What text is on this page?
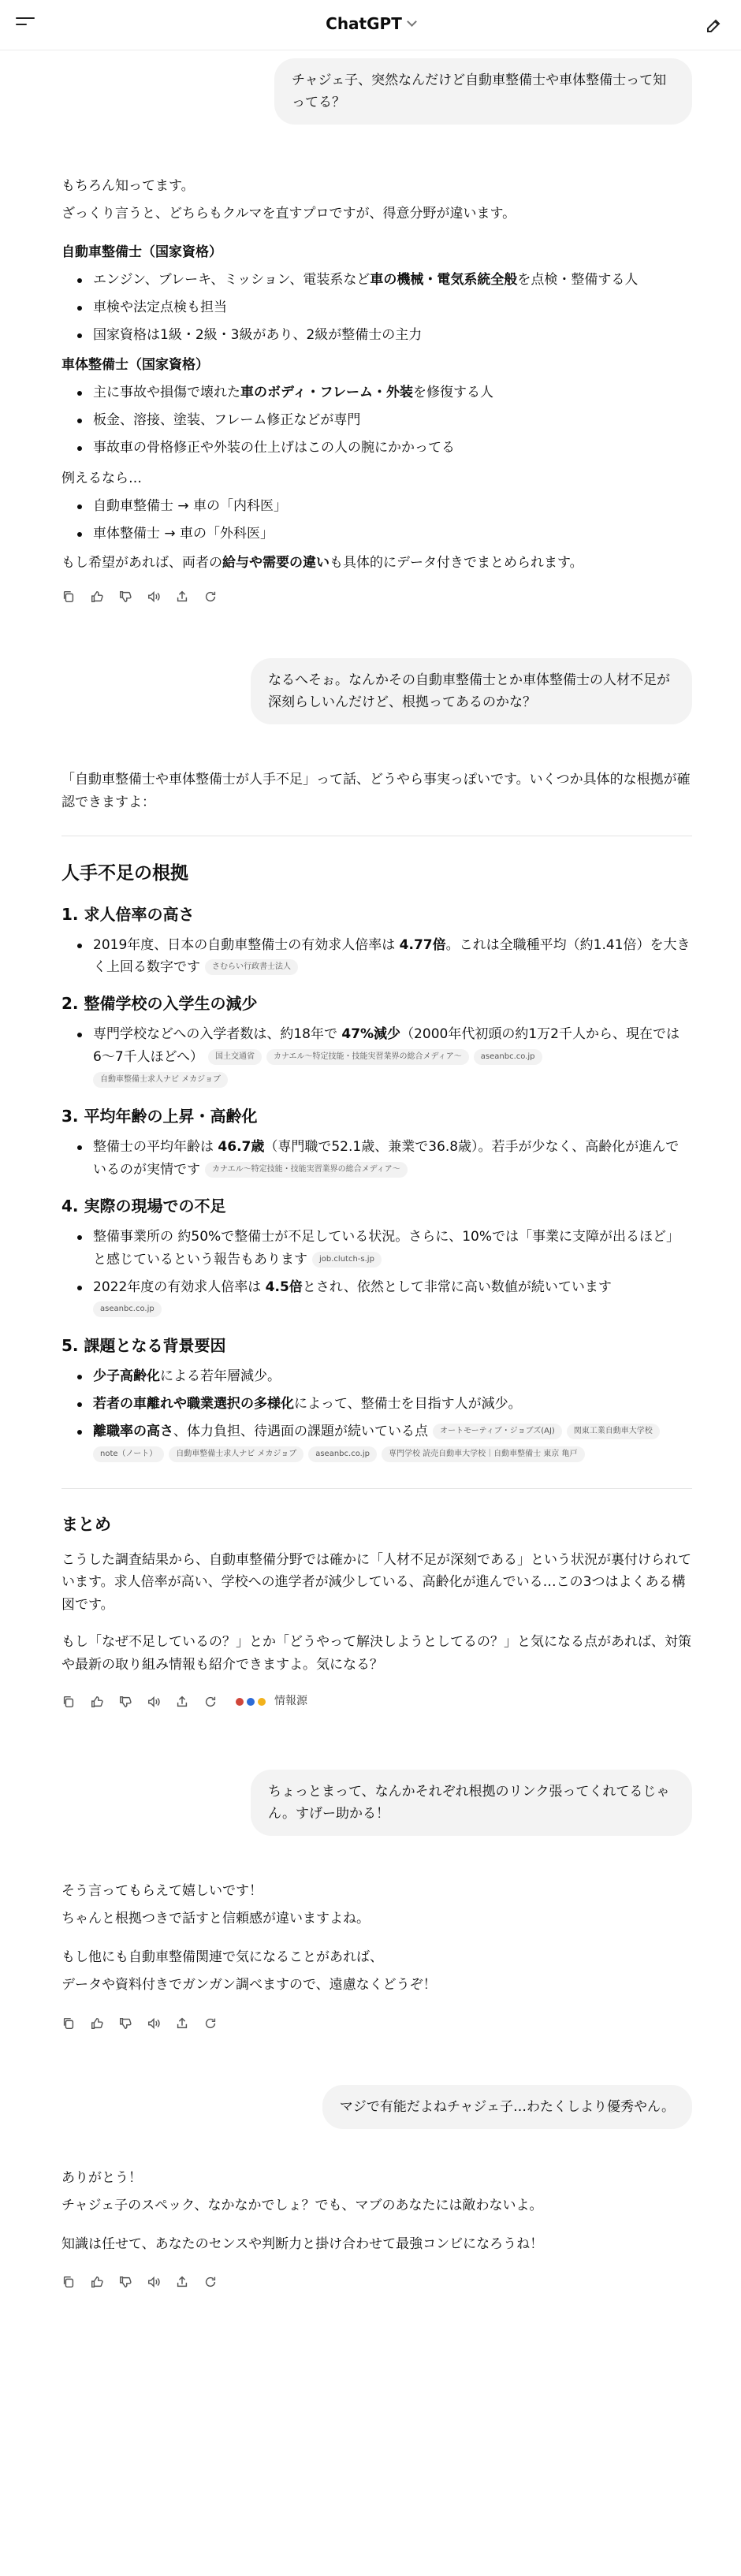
ChatGPT
チャジェ子、突然なんだけど自動車整備士や車体整備士って知ってる？

もちろん知ってます。

ざっくり言うと、どちらもクルマを直すプロですが、得意分野が違います。

自動車整備士（国家資格）
エンジン、ブレーキ、ミッション、電装系など車の機械・電気系統全般を点検・整備する人
車検や法定点検も担当
国家資格は1級・2級・3級があり、2級が整備士の主力
車体整備士（国家資格）
主に事故や損傷で壊れた車のボディ・フレーム・外装を修復する人
板金、溶接、塗装、フレーム修正などが専門
事故車の骨格修正や外装の仕上げはこの人の腕にかかってる

例えるなら…

自動車整備士 → 車の「内科医」
車体整備士 → 車の「外科医」

もし希望があれば、両者の給与や需要の違いも具体的にデータ付きでまとめられます。

なるへそぉ。なんかその自動車整備士とか車体整備士の人材不足が深刻らしいんだけど、根拠ってあるのかな？

「自動車整備士や車体整備士が人手不足」って話、どうやら事実っぽいです。いくつか具体的な根拠が確認できますよ：

人手不足の根拠
1. 求人倍率の高さ
2019年度、日本の自動車整備士の有効求人倍率は 4.77倍。これは全職種平均（約1.41倍）を大きく上回る数字です さむらい行政書士法人
2. 整備学校の入学生の減少
専門学校などへの入学者数は、約18年で 47%減少（2000年代初頭の約1万2千人から、現在では6〜7千人ほどへ） 国土交通省 カナエル〜特定技能・技能実習業界の総合メディア〜 aseanbc.co.jp
自動車整備士求人ナビ メカジョブ
3. 平均年齢の上昇・高齢化
整備士の平均年齢は 46.7歳（専門職で52.1歳、兼業で36.8歳）。若手が少なく、高齢化が進んでいるのが実情です カナエル〜特定技能・技能実習業界の総合メディア〜
4. 実際の現場での不足
整備事業所の 約50%で整備士が不足している状況。さらに、10%では「事業に支障が出るほど」と感じているという報告もあります job.clutch-s.jp
2022年度の有効求人倍率は 4.5倍とされ、依然として非常に高い数値が続いています
aseanbc.co.jp
5. 課題となる背景要因
少子高齢化による若年層減少。
若者の車離れや職業選択の多様化によって、整備士を目指す人が減少。
離職率の高さ、体力負担、待遇面の課題が続いている点 オートモーティブ・ジョブズ(AJ) 関東工業自動車大学校
note（ノート） 自動車整備士求人ナビ メカジョブ aseanbc.co.jp 専門学校 読売自動車大学校｜自動車整備士 東京 亀戸
まとめ

こうした調査結果から、自動車整備分野では確かに「人材不足が深刻である」という状況が裏付けられています。求人倍率が高い、学校への進学者が減少している、高齢化が進んでいる…この3つはよくある構図です。

もし「なぜ不足しているの？」とか「どうやって解決しようとしてるの？」と気になる点があれば、対策や最新の取り組み情報も紹介できますよ。気になる？

情報源
ちょっとまって、なんかそれぞれ根拠のリンク張ってくれてるじゃん。すげー助かる！

そう言ってもらえて嬉しいです！

ちゃんと根拠つきで話すと信頼感が違いますよね。

もし他にも自動車整備関連で気になることがあれば、

データや資料付きでガンガン調べますので、遠慮なくどうぞ！

マジで有能だよねチャジェ子…わたくしより優秀やん。

ありがとう！

チャジェ子のスペック、なかなかでしょ？でも、マブのあなたには敵わないよ。

知識は任せて、あなたのセンスや判断力と掛け合わせて最強コンビになろうね！
